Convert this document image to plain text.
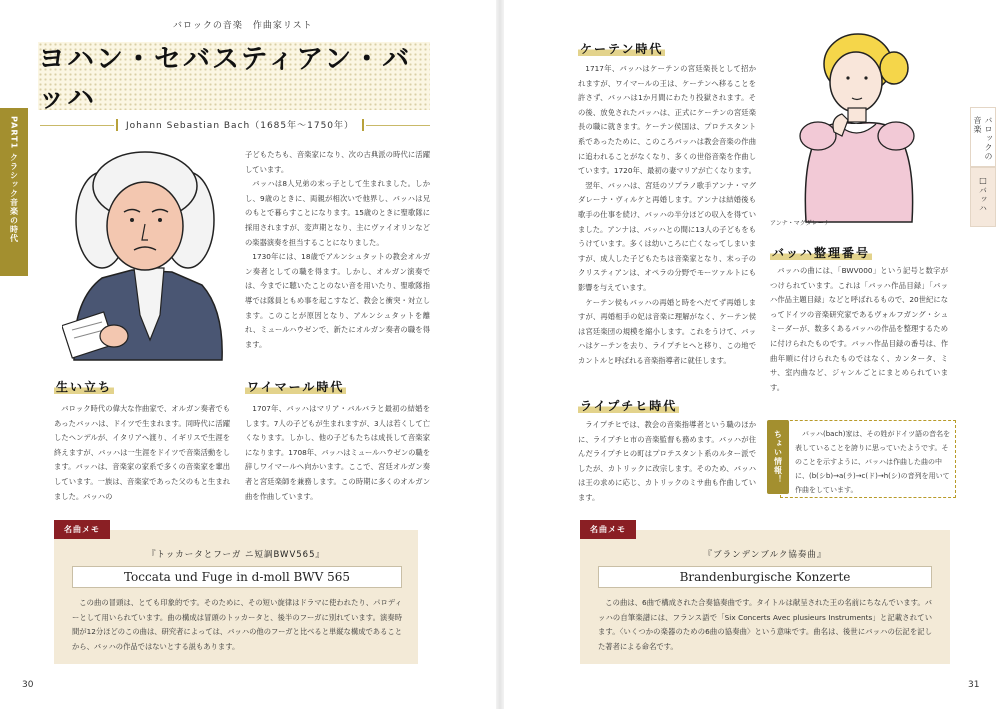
バロックの音楽　作曲家リスト
ヨハン・セバスティアン・バッハ
Johann Sebastian Bach（1685年〜1750年）
PART1 クラシック音楽の時代	子どもたちも、音楽家になり、次の古典派の時代に活躍しています。

バッハは8人兄弟の末っ子として生まれました。しかし、9歳のときに、両親が相次いで他界し、バッハは兄のもとで暮らすことになります。15歳のときに聖歌隊に採用されますが、変声期となり、主にヴァイオリンなどの楽器演奏を担当することになりました。

1730年には、18歳でアルンシュタットの教会オルガン奏者としての職を得ます。しかし、オルガン演奏では、今までに聴いたことのない音を用いたり、聖歌隊指導では隊員ともめ事を起こすなど、教会と衝突・対立します。このことが原因となり、アルンシュタットを離れ、ミュールハウゼンで、新たにオルガン奏者の職を得ます。

生い立ち

バロック時代の偉大な作曲家で、オルガン奏者でもあったバッハは、ドイツで生まれます。同時代に活躍したヘンデルが、イタリアへ渡り、イギリスで生涯を終えますが、バッハは一生涯をドイツで音楽活動をします。バッハは、音楽家の家系で多くの音楽家を輩出しています。一族は、音楽家であった父のもと生まれました。バッハの

ワイマール時代

1707年、バッハはマリア・バルバラと最初の結婚をします。7人の子どもが生まれますが、3人は若くして亡くなります。しかし、他の子どもたちは成長して音楽家になります。1708年、バッハはミュールハウゼンの職を辞しワイマールへ向かいます。ここで、宮廷オルガン奏者と宮廷楽師を兼務します。この時期に多くのオルガン曲を作曲しています。

名曲メモ
『トッカータとフーガ ニ短調BWV565』
Toccata und Fuge in d-moll BWV 565
この曲の冒頭は、とても印象的です。そのために、その短い旋律はドラマに使われたり、パロディーとして用いられています。曲の構成は冒頭のトッカータと、後半のフーガに別れています。演奏時間が12分ほどのこの曲は、研究者によっては、バッハの他のフーガと比べると単縦な構成であることから、バッハの作品ではないとする説もあります。
30
バロックの音楽
□バッハ
ケーテン時代

1717年、バッハはケーテンの宮廷楽長として招かれますが、ワイマールの王は、ケーテンへ移ることを許さず、バッハは1か月間にわたり投獄されます。その後、放免されたバッハは、正式にケーテンの宮廷楽長の職に就きます。ケーテン侯国は、プロテスタント系であったために、このころバッハは教会音楽の作曲に追われることがなくなり、多くの世俗音楽を作曲しています。1720年、最初の妻マリアが亡くなります。

翌年、バッハは、宮廷のソプラノ歌手アンナ・マグダレーナ・ヴィルケと再婚します。アンナは結婚後も歌手の仕事を続け、バッハの半分ほどの収入を得ていました。アンナは、バッハとの間に13人の子どもをもうけています。多くは幼いころに亡くなってしまいますが、成人した子どもたちは音楽家となり、末っ子のクリスティアンは、オペラの分野でモーツァルトにも影響を与えています。

ケーテン侯もバッハの再婚と時をへだてず再婚しますが、再婚相手の妃は音楽に理解がなく、ケーテン侯は宮廷楽団の規模を縮小します。これをうけて、バッハはケーテンを去り、ライプチヒへと移り、この地でカントルと呼ばれる音楽指導者に就任します。

ライプチヒ時代

ライプチヒでは、教会の音楽指導者という職のほかに、ライプチヒ市の音楽監督も務めます。バッハが住んだライプチヒの町はプロテスタント系のルター派でしたが、カトリックに改宗します。そのため、バッハは王の求めに応じ、カトリックのミサ曲も作曲しています。

アンナ・マグダレーナ
バッハ整理番号

バッハの曲には、「BWV000」という記号と数字がつけられています。これは「バッハ作品目録」「バッハ作品主題目録」などと呼ばれるもので、20世紀になってドイツの音楽研究家であるヴォルフガング・シュミーダーが、数多くあるバッハの作品を整理するために付けられたものです。バッハ作品目録の番号は、作曲年順に付けられたものではなく、カンタータ、ミサ、室内曲など、ジャンルごとにまとめられています。

バッハ(bach)家は、その姓がドイツ語の音名を表していることを誇りに思っていたようです。そのことを示すように、バッハは作曲した曲の中に、(b(シb)→a(ラ)→c(ド)→h(シ)の音列を用いて作曲をしています。
ちょい情報！
名曲メモ
『ブランデンブルク協奏曲』
Brandenburgische Konzerte
この曲は、6曲で構成された合奏協奏曲です。タイトルは献呈された王の名前にちなんでいます。バッハの自筆楽譜には、フランス語で「Six Concerts Avec plusieurs Instruments」と記載されています。〈いくつかの楽器のための6曲の協奏曲〉という意味です。曲名は、後世にバッハの伝記を記した著者による命名です。
31
